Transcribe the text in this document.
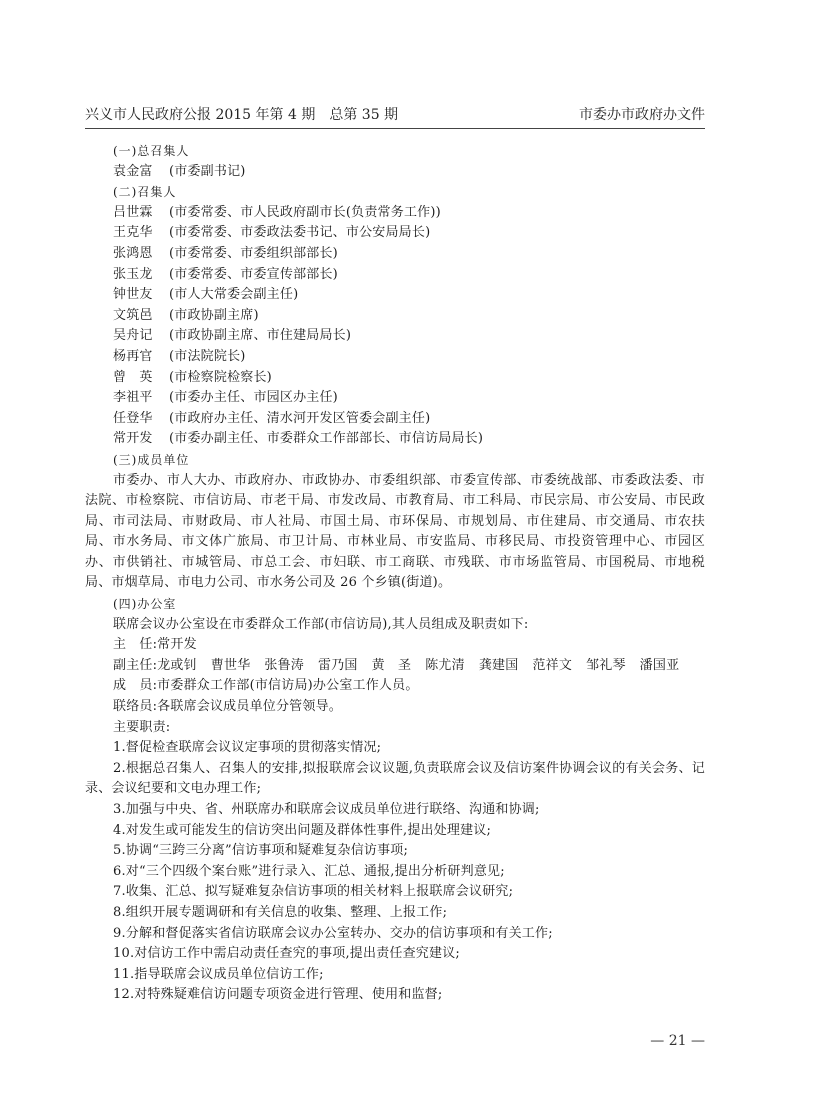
兴义市人民政府公报 2015 年第 4 期　总第 35 期	市委办市政府办文件
(一)总召集人
袁金富 (市委副书记)
(二)召集人
吕世霖 (市委常委、市人民政府副市长(负责常务工作))
王克华 (市委常委、市委政法委书记、市公安局局长)
张鸿恩 (市委常委、市委组织部部长)
张玉龙 (市委常委、市委宣传部部长)
钟世友 (市人大常委会副主任)
文筑邑 (市政协副主席)
吴舟记 (市政协副主席、市住建局局长)
杨再官 (市法院院长)
曾　英 (市检察院检察长)
李祖平 (市委办主任、市园区办主任)
任登华 (市政府办主任、清水河开发区管委会副主任)
常开发 (市委办副主任、市委群众工作部部长、市信访局局长)
(三)成员单位

市委办、市人大办、市政府办、市政协办、市委组织部、市委宣传部、市委统战部、市委政法委、市法院、市检察院、市信访局、市老干局、市发改局、市教育局、市工科局、市民宗局、市公安局、市民政局、市司法局、市财政局、市人社局、市国土局、市环保局、市规划局、市住建局、市交通局、市农扶局、市水务局、市文体广旅局、市卫计局、市林业局、市安监局、市移民局、市投资管理中心、市园区办、市供销社、市城管局、市总工会、市妇联、市工商联、市残联、市市场监管局、市国税局、市地税局、市烟草局、市电力公司、市水务公司及 26 个乡镇(街道)。

(四)办公室
联席会议办公室设在市委群众工作部(市信访局),其人员组成及职责如下:
主　任:常开发
副主任:龙或钊 曹世华 张鲁涛 雷乃国 黄　圣 陈尤清 龚建国 范祥文 邹礼琴 潘国亚
成　员:市委群众工作部(市信访局)办公室工作人员。
联络员:各联席会议成员单位分管领导。
主要职责:

1.督促检查联席会议议定事项的贯彻落实情况;

2.根据总召集人、召集人的安排,拟报联席会议议题,负责联席会议及信访案件协调会议的有关会务、记录、会议纪要和文电办理工作;

3.加强与中央、省、州联席办和联席会议成员单位进行联络、沟通和协调;

4.对发生或可能发生的信访突出问题及群体性事件,提出处理建议;

5.协调“三跨三分离”信访事项和疑难复杂信访事项;

6.对“三个四级个案台账”进行录入、汇总、通报,提出分析研判意见;

7.收集、汇总、拟写疑难复杂信访事项的相关材料上报联席会议研究;

8.组织开展专题调研和有关信息的收集、整理、上报工作;

9.分解和督促落实省信访联席会议办公室转办、交办的信访事项和有关工作;

10.对信访工作中需启动责任查究的事项,提出责任查究建议;

11.指导联席会议成员单位信访工作;

12.对特殊疑难信访问题专项资金进行管理、使用和监督;

— 21 —
